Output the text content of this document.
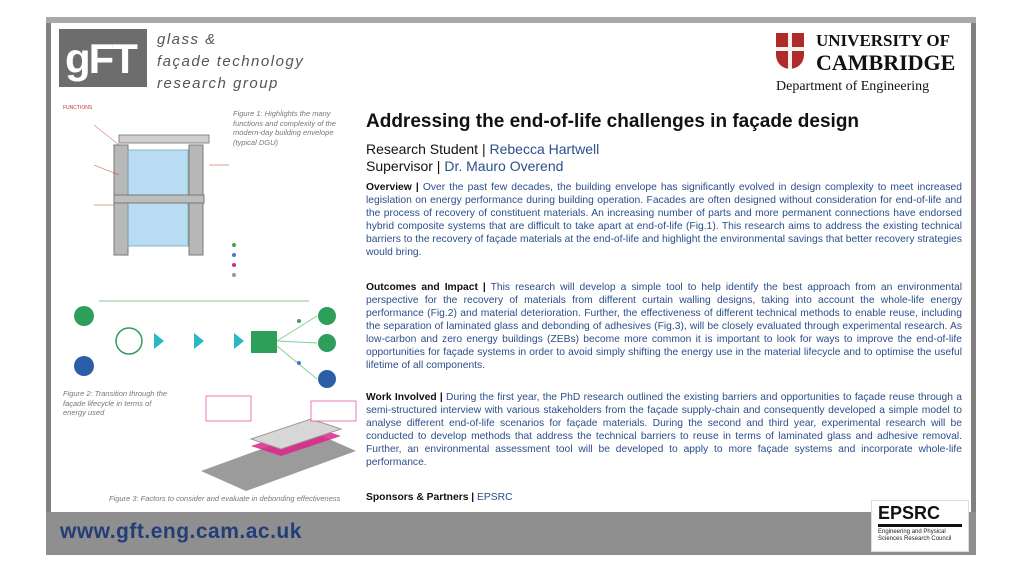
gFT glass &
façade technology
research group
UNIVERSITY OF
CAMBRIDGE
Department of Engineering
FUNCTIONS
Figure 1: Highlights the many functions and complexity of the modern-day building envelope (typical DGU)
Figure 2: Transition through the façade lifecycle in terms of energy used
Figure 3: Factors to consider and evaluate in debonding effectiveness
Addressing the end-of-life challenges in façade design
Research Student | Rebecca Hartwell
Supervisor | Dr. Mauro Overend
Overview | Over the past few decades, the building envelope has significantly evolved in design complexity to meet increased legislation on energy performance during building operation. Facades are often designed without consideration for end-of-life and the process of recovery of constituent materials. An increasing number of parts and more permanent connections have endorsed hybrid composite systems that are difficult to take apart at end-of-life (Fig.1). This research aims to address the existing technical barriers to the recovery of façade materials at the end-of-life and highlight the environmental savings that better recovery strategies would bring.
Outcomes and Impact | This research will develop a simple tool to help identify the best approach from an environmental perspective for the recovery of materials from different curtain walling designs, taking into account the whole-life energy performance (Fig.2) and material deterioration. Further, the effectiveness of different technical methods to enable reuse, including the separation of laminated glass and debonding of adhesives (Fig.3), will be closely evaluated through experimental research. As low-carbon and zero energy buildings (ZEBs) become more common it is important to look for ways to improve the end-of-life opportunities for façade systems in order to avoid simply shifting the energy use in the material lifecycle and to optimise the useful lifetime of all components.
Work Involved | During the first year, the PhD research outlined the existing barriers and opportunities to façade reuse through a semi-structured interview with various stakeholders from the façade supply-chain and consequently developed a simple model to analyse different end-of-life scenarios for façade materials. During the second and third year, experimental research will be conducted to develop methods that address the technical barriers to reuse in terms of laminated glass and adhesive removal. Further, an environmental assessment tool will be developed to apply to more façade systems and incorporate whole-life performance.
Sponsors & Partners | EPSRC
www.gft.eng.cam.ac.uk
EPSRC
Engineering and Physical Sciences Research Council
